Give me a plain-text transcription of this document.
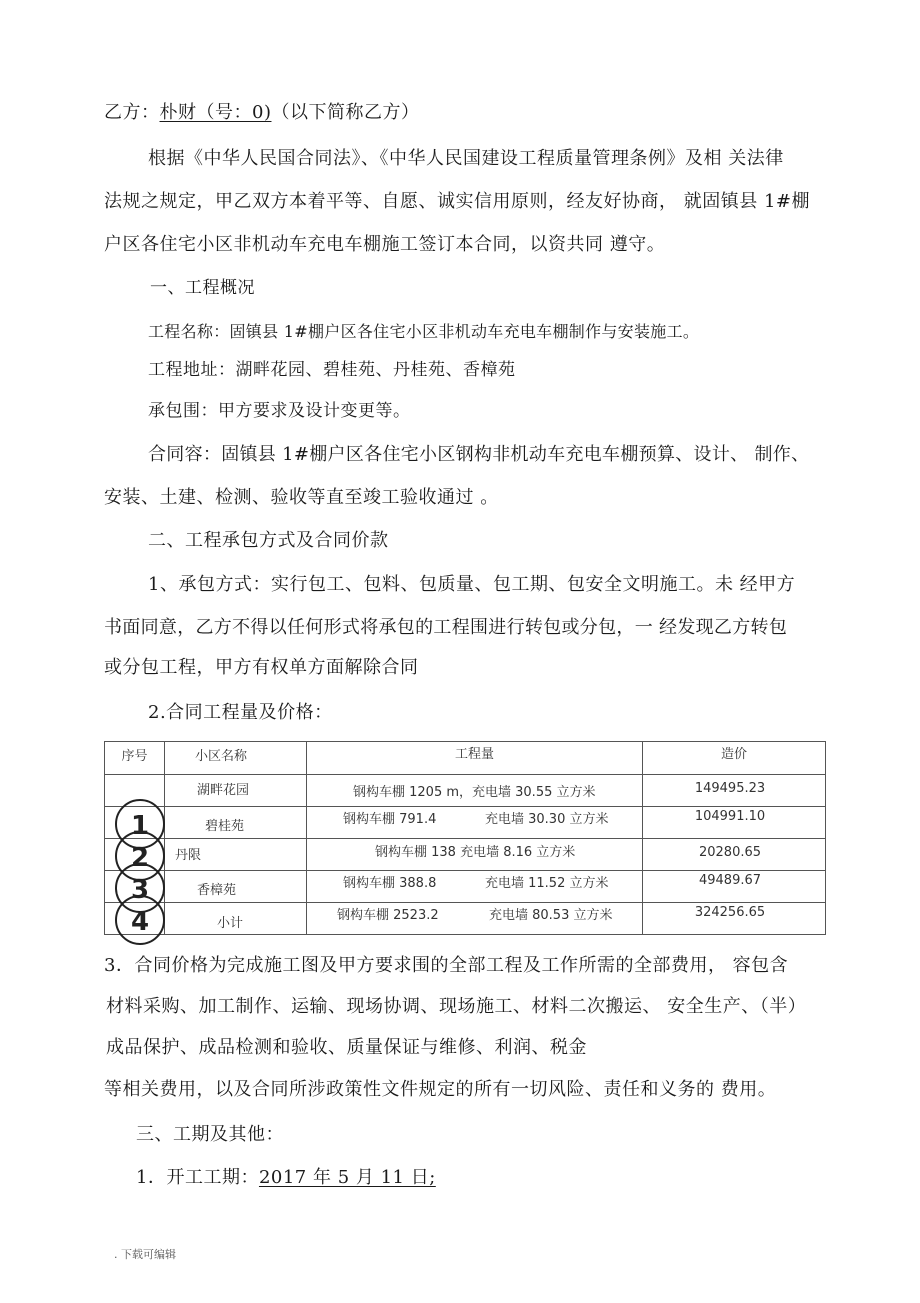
乙方：朴财（号：0)（以下简称乙方）
根据《中华人民国合同法》、《中华人民国建设工程质量管理条例》及相 关法律
法规之规定，甲乙双方本着平等、自愿、诚实信用原则，经友好协商， 就固镇县 1#棚
户区各住宅小区非机动车充电车棚施工签订本合同，以资共同 遵守。
一、工程概况
工程名称：固镇县 1#棚户区各住宅小区非机动车充电车棚制作与安装施工。
工程地址：湖畔花园、碧桂苑、丹桂苑、香樟苑
承包围：甲方要求及设计变更等。
合同容：固镇县 1#棚户区各住宅小区钢构非机动车充电车棚预算、设计、 制作、
安装、土建、检测、验收等直至竣工验收通过 。
二、工程承包方式及合同价款
1、承包方式：实行包工、包料、包质量、包工期、包安全文明施工。未 经甲方
书面同意，乙方不得以任何形式将承包的工程围进行转包或分包，一 经发现乙方转包
或分包工程，甲方有权单方面解除合同
2.合同工程量及价格：
序号	小区名称	工程量	造价

1	湖畔花园	钢构车棚 1205 m，充电墙 30.55 立方米	149495.23

2	碧桂苑	钢构车棚 791.4 充电墙 30.30 立方米	104991.10

3	丹限	钢构车棚 138 充电墙 8.16 立方米	20280.65

4	香樟苑	钢构车棚 388.8 充电墙 11.52 立方米	49489.67

	小计	钢构车棚 2523.2 充电墙 80.53 立方米	324256.65
3．合同价格为完成施工图及甲方要求围的全部工程及工作所需的全部费用， 容包含
材料采购、加工制作、运输、现场协调、现场施工、材料二次搬运、 安全生产、（半）
成品保护、成品检测和验收、质量保证与维修、利润、税金
等相关费用，以及合同所涉政策性文件规定的所有一切风险、责任和义务的 费用。
三、工期及其他：
1．开工工期：2017 年 5 月 11 日;
. 下载可编辑
